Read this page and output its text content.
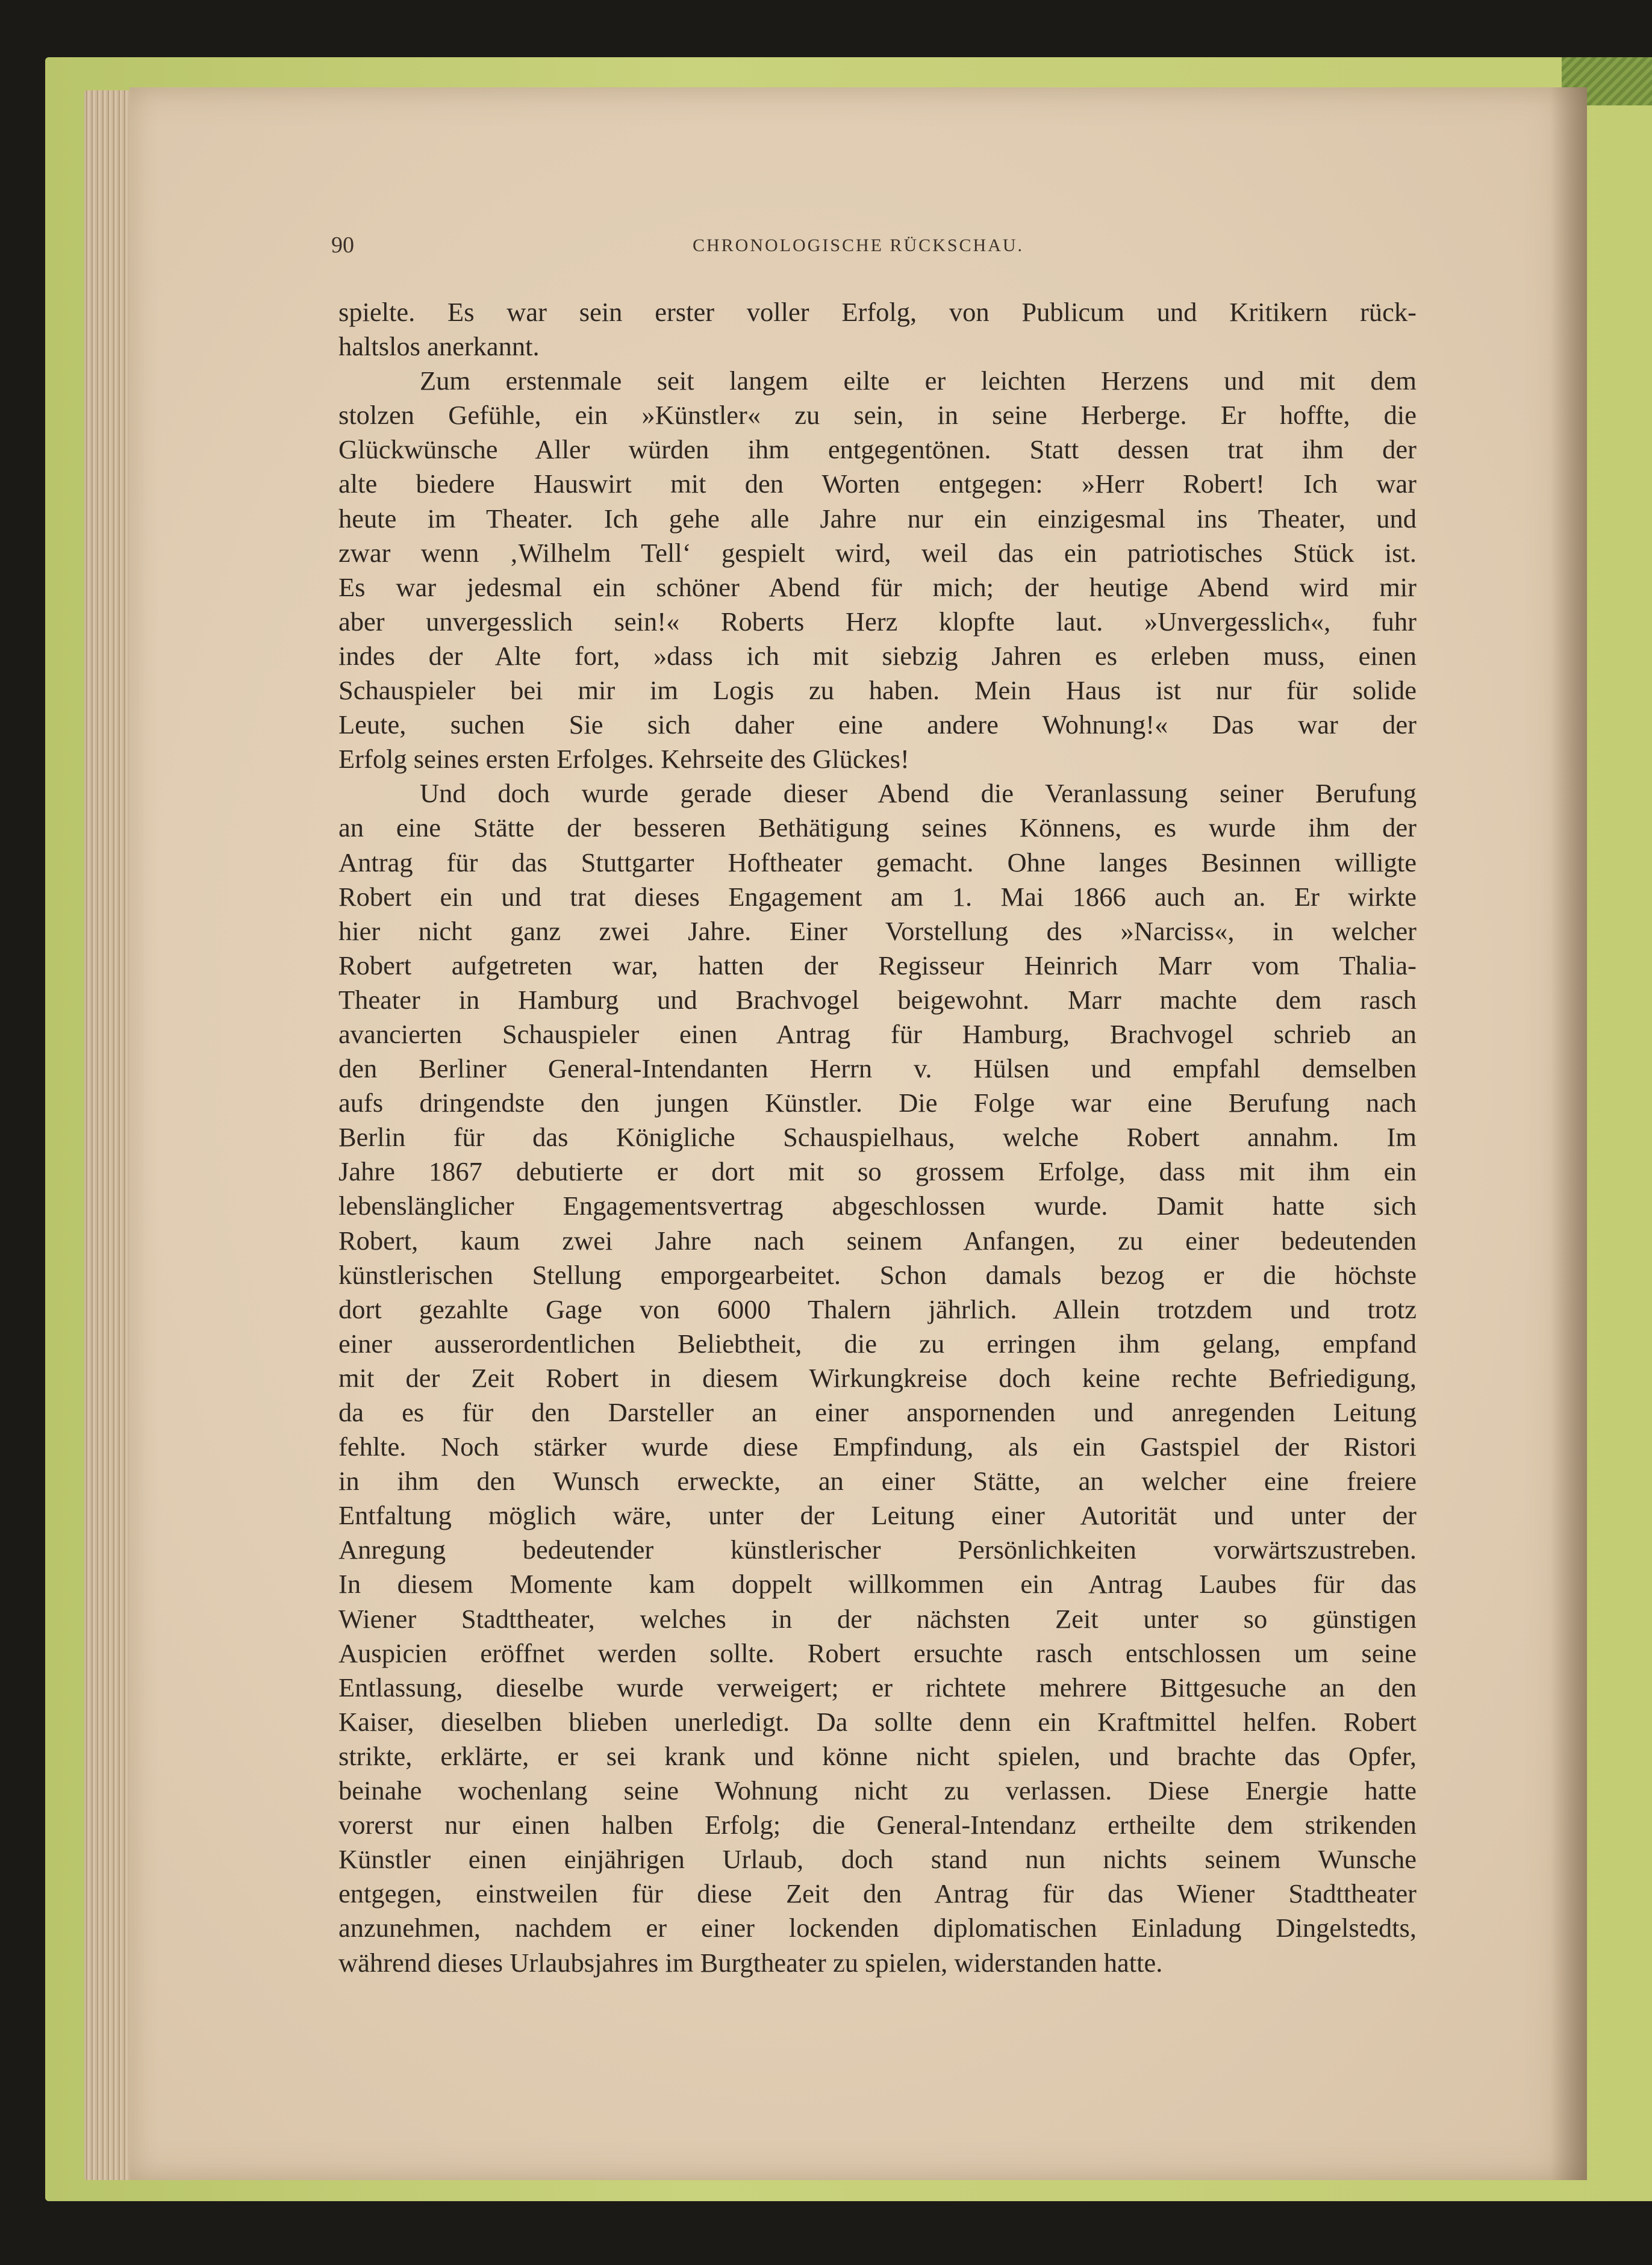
90	CHRONOLOGISCHE RÜCKSCHAU.
spielte. Es war sein erster voller Erfolg, von Publicum und Kritikern rück-
haltslos anerkannt.
Zum erstenmale seit langem eilte er leichten Herzens und mit dem
stolzen Gefühle, ein »Künstler« zu sein, in seine Herberge. Er hoffte, die
Glückwünsche Aller würden ihm entgegentönen. Statt dessen trat ihm der
alte biedere Hauswirt mit den Worten entgegen: »Herr Robert! Ich war
heute im Theater. Ich gehe alle Jahre nur ein einzigesmal ins Theater, und
zwar wenn ‚Wilhelm Tell‘ gespielt wird, weil das ein patriotisches Stück ist.
Es war jedesmal ein schöner Abend für mich; der heutige Abend wird mir
aber unvergesslich sein!« Roberts Herz klopfte laut. »Unvergesslich«, fuhr
indes der Alte fort, »dass ich mit siebzig Jahren es erleben muss, einen
Schauspieler bei mir im Logis zu haben. Mein Haus ist nur für solide
Leute, suchen Sie sich daher eine andere Wohnung!« Das war der
Erfolg seines ersten Erfolges. Kehrseite des Glückes!
Und doch wurde gerade dieser Abend die Veranlassung seiner Berufung
an eine Stätte der besseren Bethätigung seines Könnens, es wurde ihm der
Antrag für das Stuttgarter Hoftheater gemacht. Ohne langes Besinnen willigte
Robert ein und trat dieses Engagement am 1. Mai 1866 auch an. Er wirkte
hier nicht ganz zwei Jahre. Einer Vorstellung des »Narciss«, in welcher
Robert aufgetreten war, hatten der Regisseur Heinrich Marr vom Thalia-
Theater in Hamburg und Brachvogel beigewohnt. Marr machte dem rasch
avancierten Schauspieler einen Antrag für Hamburg, Brachvogel schrieb an
den Berliner General-Intendanten Herrn v. Hülsen und empfahl demselben
aufs dringendste den jungen Künstler. Die Folge war eine Berufung nach
Berlin für das Königliche Schauspielhaus, welche Robert annahm. Im
Jahre 1867 debutierte er dort mit so grossem Erfolge, dass mit ihm ein
lebenslänglicher Engagementsvertrag abgeschlossen wurde. Damit hatte sich
Robert, kaum zwei Jahre nach seinem Anfangen, zu einer bedeutenden
künstlerischen Stellung emporgearbeitet. Schon damals bezog er die höchste
dort gezahlte Gage von 6000 Thalern jährlich. Allein trotzdem und trotz
einer ausserordentlichen Beliebtheit, die zu erringen ihm gelang, empfand
mit der Zeit Robert in diesem Wirkungkreise doch keine rechte Befriedigung,
da es für den Darsteller an einer anspornenden und anregenden Leitung
fehlte. Noch stärker wurde diese Empfindung, als ein Gastspiel der Ristori
in ihm den Wunsch erweckte, an einer Stätte, an welcher eine freiere
Entfaltung möglich wäre, unter der Leitung einer Autorität und unter der
Anregung bedeutender künstlerischer Persönlichkeiten vorwärtszustreben.
In diesem Momente kam doppelt willkommen ein Antrag Laubes für das
Wiener Stadttheater, welches in der nächsten Zeit unter so günstigen
Auspicien eröffnet werden sollte. Robert ersuchte rasch entschlossen um seine
Entlassung, dieselbe wurde verweigert; er richtete mehrere Bittgesuche an den
Kaiser, dieselben blieben unerledigt. Da sollte denn ein Kraftmittel helfen. Robert
strikte, erklärte, er sei krank und könne nicht spielen, und brachte das Opfer,
beinahe wochenlang seine Wohnung nicht zu verlassen. Diese Energie hatte
vorerst nur einen halben Erfolg; die General-Intendanz ertheilte dem strikenden
Künstler einen einjährigen Urlaub, doch stand nun nichts seinem Wunsche
entgegen, einstweilen für diese Zeit den Antrag für das Wiener Stadttheater
anzunehmen, nachdem er einer lockenden diplomatischen Einladung Dingelstedts,
während dieses Urlaubsjahres im Burgtheater zu spielen, widerstanden hatte.
